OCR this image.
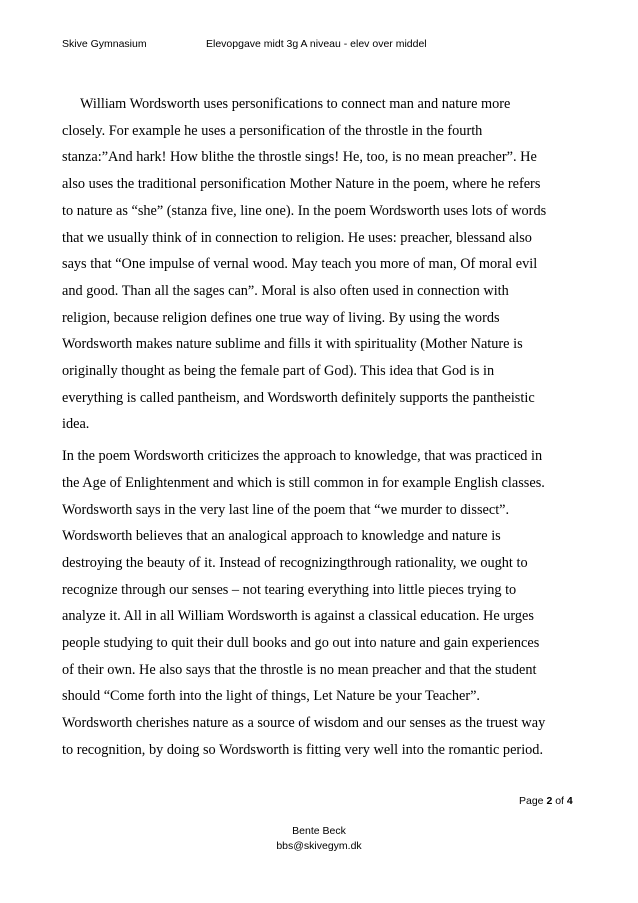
Skive Gymnasium	Elevopgave midt 3g A niveau - elev over middel
William Wordsworth uses personifications to connect man and nature more
closely. For example he uses a personification of the throstle in the fourth
stanza:”And hark! How blithe the throstle sings! He, too, is no mean preacher”. He
also uses the traditional personification Mother Nature in the poem, where he refers
to nature as “she” (stanza five, line one). In the poem Wordsworth uses lots of words
that we usually think of in connection to religion. He uses: preacher, blessand also
says that “One impulse of vernal wood. May teach you more of man, Of moral evil
and good. Than all the sages can”. Moral is also often used in connection with
religion, because religion defines one true way of living. By using the words
Wordsworth makes nature sublime and fills it with spirituality (Mother Nature is
originally thought as being the female part of God). This idea that God is in
everything is called pantheism, and Wordsworth definitely supports the pantheistic
idea.
In the poem Wordsworth criticizes the approach to knowledge, that was practiced in
the Age of Enlightenment and which is still common in for example English classes.
Wordsworth says in the very last line of the poem that “we murder to dissect”.
Wordsworth believes that an analogical approach to knowledge and nature is
destroying the beauty of it. Instead of recognizingthrough rationality, we ought to
recognize through our senses – not tearing everything into little pieces trying to
analyze it. All in all William Wordsworth is against a classical education. He urges
people studying to quit their dull books and go out into nature and gain experiences
of their own. He also says that the throstle is no mean preacher and that the student
should “Come forth into the light of things, Let Nature be your Teacher”.
Wordsworth cherishes nature as a source of wisdom and our senses as the truest way
to recognition, by doing so Wordsworth is fitting very well into the romantic period.
Page 2 of 4
Bente Beck
bbs@skivegym.dk
